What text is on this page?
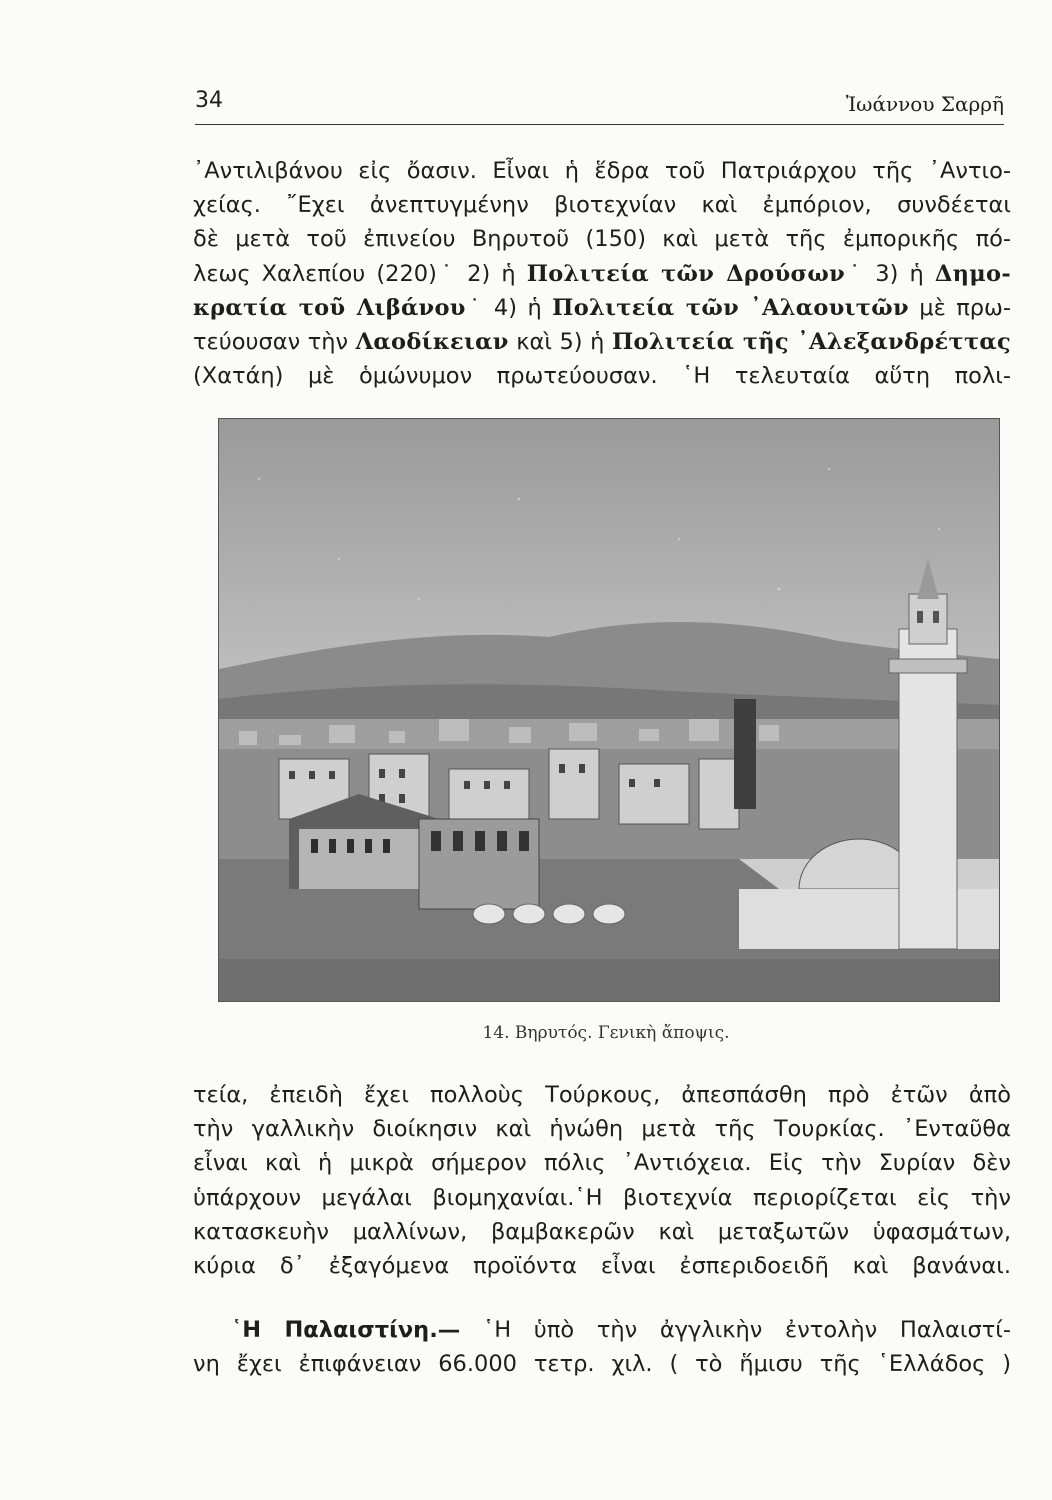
34	Ἰωάννου Σαρρῆ
᾿Αντιλιβάνου εἰς ὄασιν. Εἶναι ἡ ἕδρα τοῦ Πατριάρχου τῆς ᾿Αντιο-
χείας. ῎Εχει ἀνεπτυγμένην βιοτεχνίαν καὶ ἐμπόριον, συνδέεται
δὲ μετὰ τοῦ ἐπινείου Βηρυτοῦ (150) καὶ μετὰ τῆς ἐμπορικῆς πό-
λεως Χαλεπίου (220)˙ 2) ἡ Πολιτεία τῶν Δρούσων˙ 3) ἡ Δημο-
κρατία τοῦ Λιβάνου˙ 4) ἡ Πολιτεία τῶν ᾿Αλαουιτῶν μὲ πρω-
τεύουσαν τὴν Λαοδίκειαν καὶ 5) ἡ Πολιτεία τῆς ᾿Αλεξανδρέττας
(Χατάη) μὲ ὁμώνυμον πρωτεύουσαν. ῾Η τελευταία αὕτη πολι-
14. Βηρυτός. Γενικὴ ἄποψις.
τεία, ἐπειδὴ ἔχει πολλοὺς Τούρκους, ἀπεσπάσθη πρὸ ἐτῶν ἀπὸ
τὴν γαλλικὴν διοίκησιν καὶ ἡνώθη μετὰ τῆς Τουρκίας. ᾿Ενταῦθα
εἶναι καὶ ἡ μικρὰ σήμερον πόλις ᾿Αντιόχεια. Εἰς τὴν Συρίαν δὲν
ὑπάρχουν μεγάλαι βιομηχανίαι.῾Η βιοτεχνία περιορίζεται εἰς τὴν
κατασκευὴν μαλλίνων, βαμβακερῶν καὶ μεταξωτῶν ὑφασμάτων,
κύρια δ᾿ ἐξαγόμενα προϊόντα εἶναι ἐσπεριδοειδῆ καὶ βανάναι.
῾Η Παλαιστίνη.— ῾Η ὑπὸ τὴν ἀγγλικὴν ἐντολὴν Παλαιστί-
νη ἔχει ἐπιφάνειαν 66.000 τετρ. χιλ. ( τὸ ἥμισυ τῆς ῾Ελλάδος )
